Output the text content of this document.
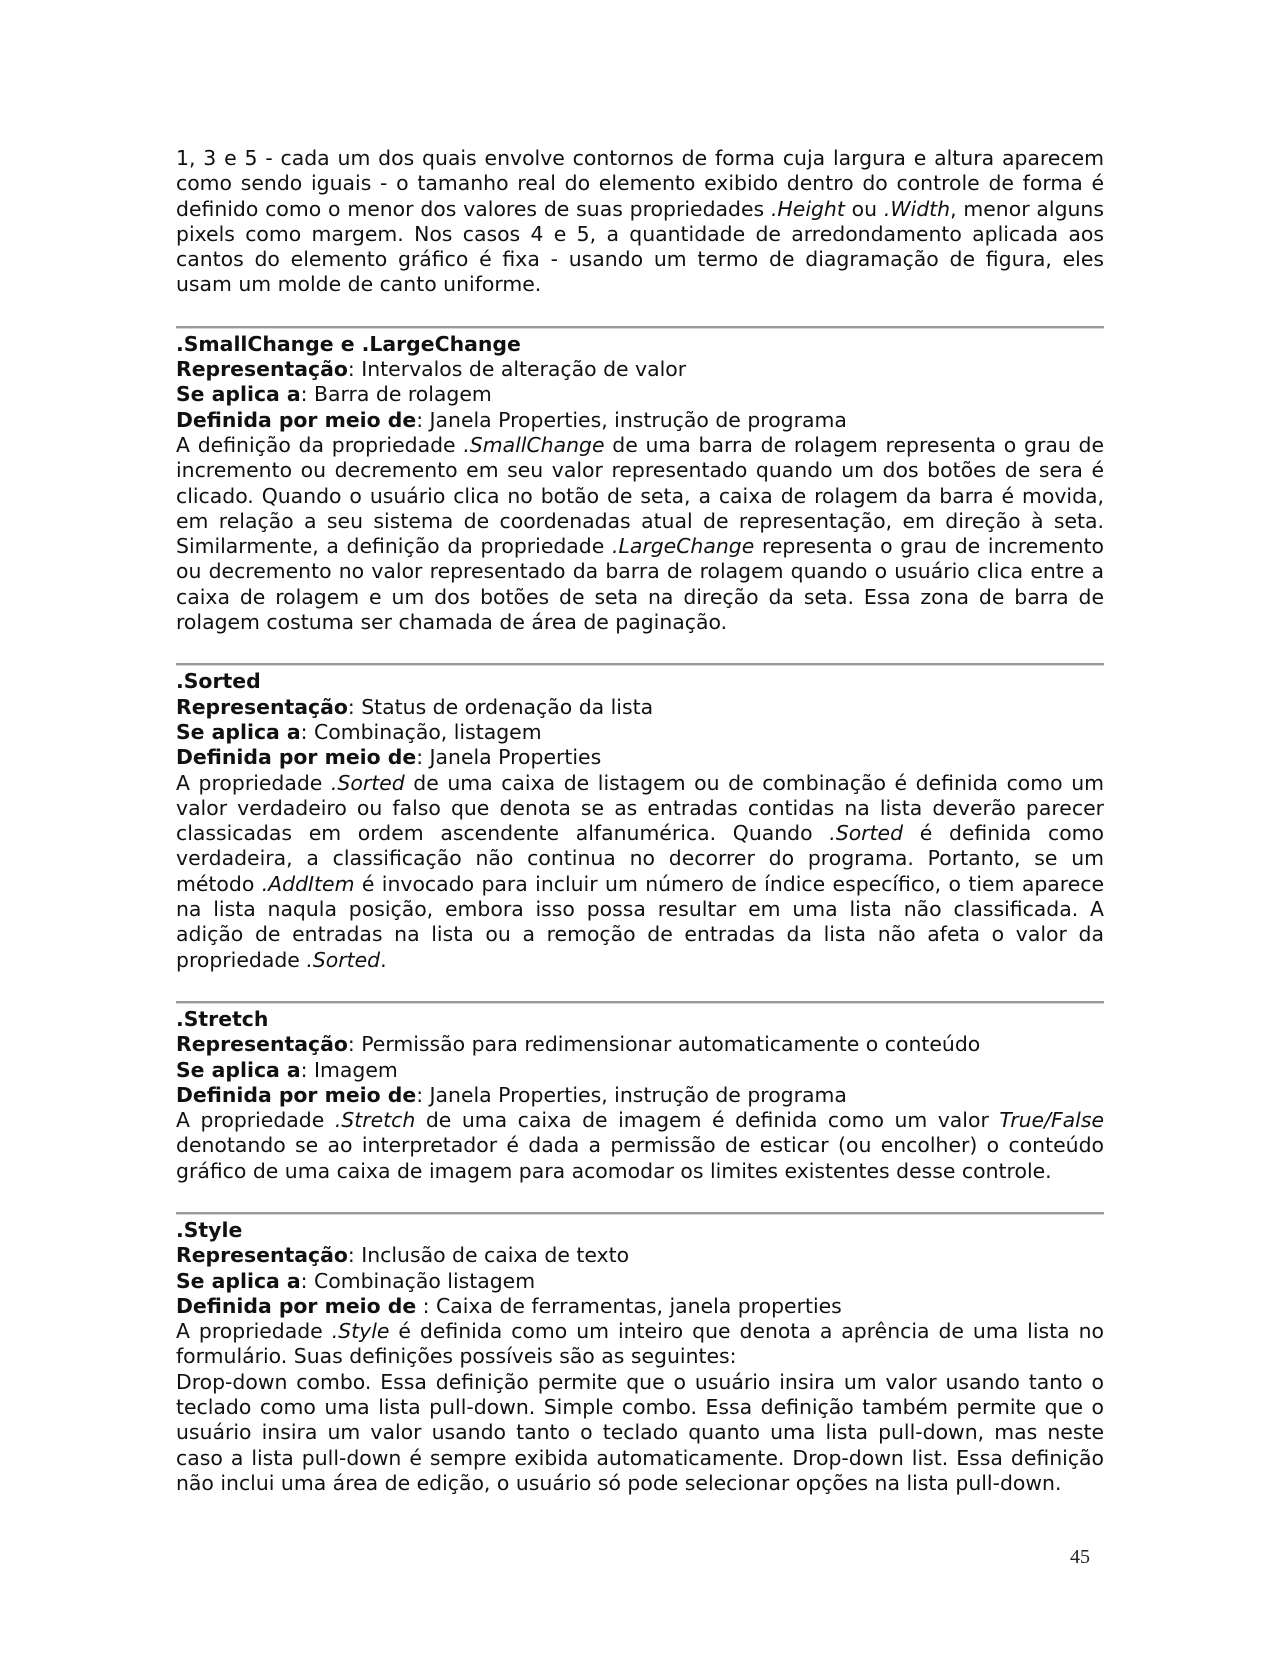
1, 3 e 5 - cada um dos quais envolve contornos de forma cuja largura e altura aparecem como sendo iguais - o tamanho real do elemento exibido dentro do controle de forma é definido como o menor dos valores de suas propriedades .Height ou .Width, menor alguns pixels como margem. Nos casos 4 e 5, a quantidade de arredondamento aplicada aos cantos do elemento gráfico é fixa - usando um termo de diagramação de figura, eles usam um molde de canto uniforme.

.SmallChange e .LargeChange

Representação: Intervalos de alteração de valor

Se aplica a: Barra de rolagem

Definida por meio de: Janela Properties, instrução de programa

A definição da propriedade .SmallChange de uma barra de rolagem representa o grau de incremento ou decremento em seu valor representado quando um dos botões de sera é clicado. Quando o usuário clica no botão de seta, a caixa de rolagem da barra é movida, em relação a seu sistema de coordenadas atual de representação, em direção à seta. Similarmente, a definição da propriedade .LargeChange representa o grau de incremento ou decremento no valor representado da barra de rolagem quando o usuário clica entre a caixa de rolagem e um dos botões de seta na direção da seta. Essa zona de barra de rolagem costuma ser chamada de área de paginação.

.Sorted

Representação: Status de ordenação da lista

Se aplica a: Combinação, listagem

Definida por meio de: Janela Properties

A propriedade .Sorted de uma caixa de listagem ou de combinação é definida como um valor verdadeiro ou falso que denota se as entradas contidas na lista deverão parecer classicadas em ordem ascendente alfanumérica. Quando .Sorted é definida como verdadeira, a classificação não continua no decorrer do programa. Portanto, se um método .AddItem é invocado para incluir um número de índice específico, o tiem aparece na lista naqula posição, embora isso possa resultar em uma lista não classificada. A adição de entradas na lista ou a remoção de entradas da lista não afeta o valor da propriedade .Sorted.

.Stretch

Representação: Permissão para redimensionar automaticamente o conteúdo

Se aplica a: Imagem

Definida por meio de: Janela Properties, instrução de programa

A propriedade .Stretch de uma caixa de imagem é definida como um valor True/False denotando se ao interpretador é dada a permissão de esticar (ou encolher) o conteúdo gráfico de uma caixa de imagem para acomodar os limites existentes desse controle.

.Style

Representação: Inclusão de caixa de texto

Se aplica a: Combinação listagem

Definida por meio de : Caixa de ferramentas, janela properties

A propriedade .Style é definida como um inteiro que denota a aprência de uma lista no formulário. Suas definições possíveis são as seguintes:

Drop-down combo. Essa definição permite que o usuário insira um valor usando tanto o teclado como uma lista pull-down. Simple combo. Essa definição também permite que o usuário insira um valor usando tanto o teclado quanto uma lista pull-down, mas neste caso a lista pull-down é sempre exibida automaticamente. Drop-down list. Essa definição não inclui uma área de edição, o usuário só pode selecionar opções na lista pull-down.

45
